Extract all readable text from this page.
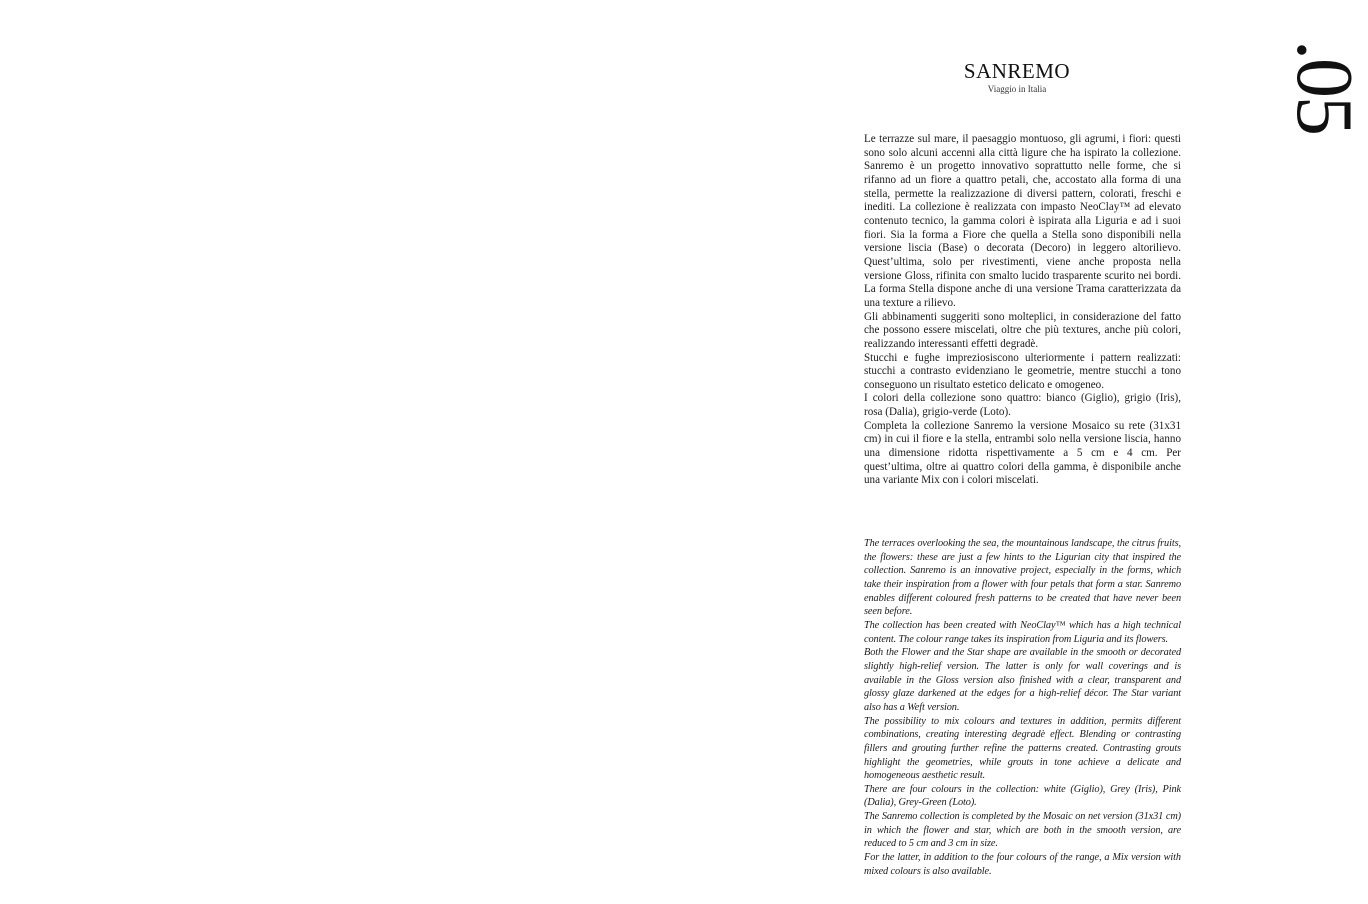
.05
SANREMO
Viaggio in Italia

Le terrazze sul mare, il paesaggio montuoso, gli agrumi, i fiori: questi sono solo alcuni accenni alla città ligure che ha ispirato la collezione. Sanremo è un progetto innovativo soprattutto nelle forme, che si rifanno ad un fiore a quattro petali, che, accostato alla forma di una stella, permette la realizzazione di diversi pattern, colorati, freschi e inediti. La collezione è realizzata con impasto NeoClay™ ad elevato contenuto tecnico, la gamma colori è ispirata alla Liguria e ad i suoi fiori. Sia la forma a Fiore che quella a Stella sono disponibili nella versione liscia (Base) o decorata (Decoro) in leggero altorilievo. Quest’ultima, solo per rivestimenti, viene anche proposta nella versione Gloss, rifinita con smalto lucido trasparente scurito nei bordi. La forma Stella dispone anche di una versione Trama caratterizzata da una texture a rilievo.

Gli abbinamenti suggeriti sono molteplici, in considerazione del fatto che possono essere miscelati, oltre che più textures, anche più colori, realizzando interessanti effetti degradè.

Stucchi e fughe impreziosiscono ulteriormente i pattern realizzati: stucchi a contrasto evidenziano le geometrie, mentre stucchi a tono conseguono un risultato estetico delicato e omogeneo.

I colori della collezione sono quattro: bianco (Giglio), grigio (Iris), rosa (Dalia), grigio-verde (Loto).

Completa la collezione Sanremo la versione Mosaico su rete (31x31 cm) in cui il fiore e la stella, entrambi solo nella versione liscia, hanno una dimensione ridotta rispettivamente a 5 cm e 4 cm. Per quest’ultima, oltre ai quattro colori della gamma, è disponibile anche una variante Mix con i colori miscelati.

The terraces overlooking the sea, the mountainous landscape, the citrus fruits, the flowers: these are just a few hints to the Ligurian city that inspired the collection. Sanremo is an innovative project, especially in the forms, which take their inspiration from a flower with four petals that form a star. Sanremo enables different coloured fresh patterns to be created that have never been seen before.

The collection has been created with NeoClay™ which has a high technical content. The colour range takes its inspiration from Liguria and its flowers.

Both the Flower and the Star shape are available in the smooth or decorated slightly high-relief version. The latter is only for wall coverings and is available in the Gloss version also finished with a clear, transparent and glossy glaze darkened at the edges for a high-relief décor. The Star variant also has a Weft version.

The possibility to mix colours and textures in addition, permits different combinations, creating interesting degradè effect. Blending or contrasting fillers and grouting further refine the patterns created. Contrasting grouts highlight the geometries, while grouts in tone achieve a delicate and homogeneous aesthetic result.

There are four colours in the collection: white (Giglio), Grey (Iris), Pink (Dalia), Grey-Green (Loto).

The Sanremo collection is completed by the Mosaic on net version (31x31 cm) in which the flower and star, which are both in the smooth version, are reduced to 5 cm and 3 cm in size.

For the latter, in addition to the four colours of the range, a Mix version with mixed colours is also available.
